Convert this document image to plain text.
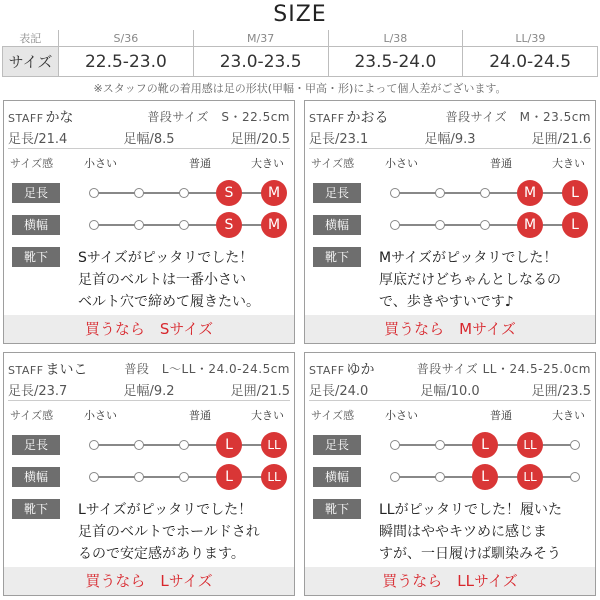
SIZE
表記	S/36	M/37	L/38	LL/39
サイズ	22.5-23.0	23.0-23.5	23.5-24.0	24.0-24.5
※スタッフの靴の着用感は足の形状(甲幅・甲高・形)によって個人差がございます。
STAFF かな	普段サイズ　S・22.5cm
足長/21.4	足幅/8.5	足囲/20.5
サイズ感	小さい	普通	大きい
足長	S	M
横幅	S	M
靴下	Sサイズがピッタリでした！
足首のベルトは一番小さい
ベルト穴で締めて履きたい。
買うなら　Sサイズ
STAFF かおる	普段サイズ　M・23.5cm
足長/23.1	足幅/9.3	足囲/21.6
サイズ感	小さい	普通	大きい
足長	M	L
横幅	M	L
靴下	Mサイズがピッタリでした！
厚底だけどちゃんとしなるの
で、歩きやすいです♪
買うなら　Mサイズ
STAFF まいこ	普段　L〜LL・24.0-24.5cm
足長/23.7	足幅/9.2	足囲/21.5
サイズ感	小さい	普通	大きい
足長	L	LL
横幅	L	LL
靴下	Lサイズがピッタリでした！
足首のベルトでホールドされ
るので安定感があります。
買うなら　Lサイズ
STAFF ゆか	普段サイズ LL・24.5-25.0cm
足長/24.0	足幅/10.0	足囲/23.5
サイズ感	小さい	普通	大きい
足長	L	LL
横幅	L	LL
靴下	LLがピッタリでした！履いた
瞬間はややキツめに感じま
すが、一日履けば馴染みそう
買うなら　LLサイズ
